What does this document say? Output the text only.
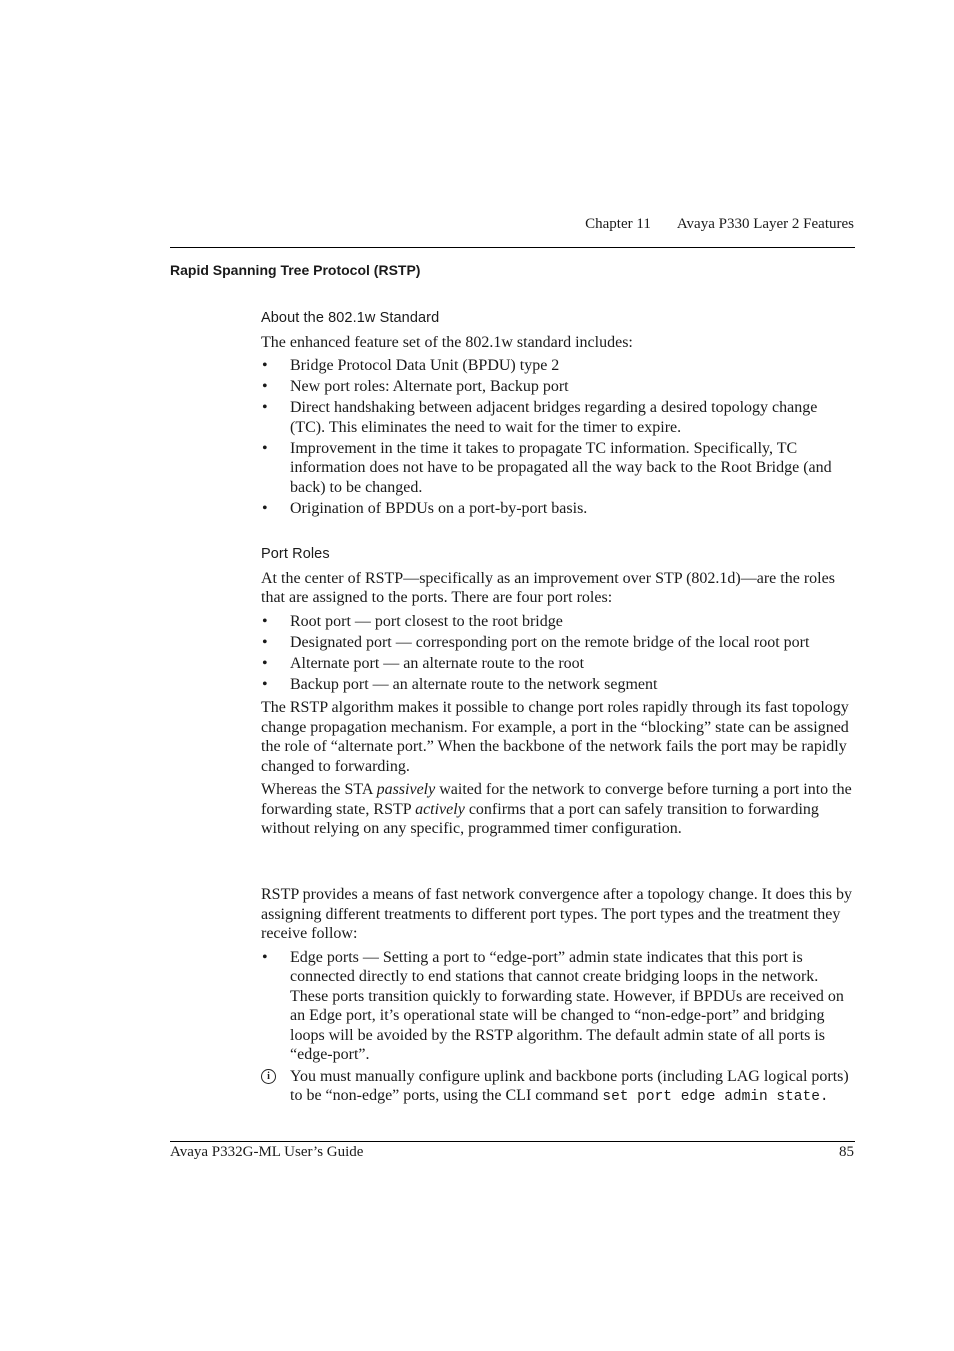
Chapter 11 Avaya P330 Layer 2 Features
Rapid Spanning Tree Protocol (RSTP)
About the 802.1w Standard

The enhanced feature set of the 802.1w standard includes:

• Bridge Protocol Data Unit (BPDU) type 2
• New port roles: Alternate port, Backup port
• Direct handshaking between adjacent bridges regarding a desired topology change (TC). This eliminates the need to wait for the timer to expire.
• Improvement in the time it takes to propagate TC information. Specifically, TC information does not have to be propagated all the way back to the Root Bridge (and back) to be changed.
• Origination of BPDUs on a port-by-port basis.
Port Roles

At the center of RSTP—specifically as an improvement over STP (802.1d)—are the roles that are assigned to the ports. There are four port roles:

• Root port — port closest to the root bridge
• Designated port — corresponding port on the remote bridge of the local root port
• Alternate port — an alternate route to the root
• Backup port — an alternate route to the network segment

The RSTP algorithm makes it possible to change port roles rapidly through its fast topology change propagation mechanism. For example, a port in the “blocking” state can be assigned the role of “alternate port.” When the backbone of the network fails the port may be rapidly changed to forwarding.

Whereas the STA passively waited for the network to converge before turning a port into the forwarding state, RSTP actively confirms that a port can safely transition to forwarding without relying on any specific, programmed timer configuration.

RSTP provides a means of fast network convergence after a topology change. It does this by assigning different treatments to different port types. The port types and the treatment they receive follow:

• Edge ports — Setting a port to “edge-port” admin state indicates that this port is connected directly to end stations that cannot create bridging loops in the network. These ports transition quickly to forwarding state. However, if BPDUs are received on an Edge port, it’s operational state will be changed to “non-edge-port” and bridging loops will be avoided by the RSTP algorithm. The default admin state of all ports is “edge-port”.
i	You must manually configure uplink and backbone ports (including LAG logical ports) to be “non-edge” ports, using the CLI command set port edge admin state.
Avaya P332G-ML User’s Guide	85
